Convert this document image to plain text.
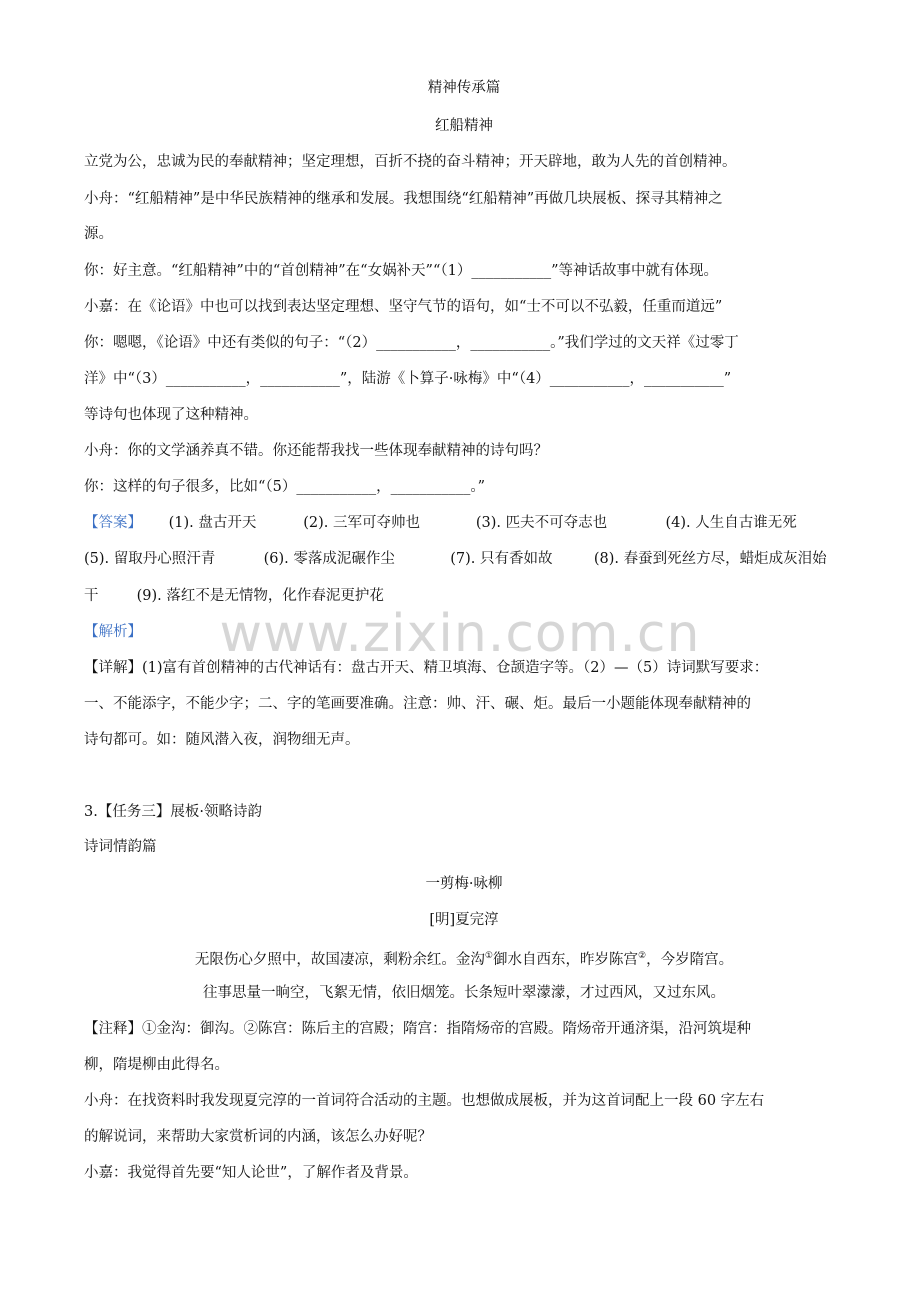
www.zixin.com.cn
精神传承篇
红船精神
立党为公，忠诚为民的奉献精神；坚定理想，百折不挠的奋斗精神；开天辟地，敢为人先的首创精神。
小舟：“红船精神”是中华民族精神的继承和发展。我想围绕“红船精神”再做几块展板、探寻其精神之
源。
你：好主意。“红船精神”中的“首创精神”在“女娲补天”“（1）___________”等神话故事中就有体现。
小嘉：在《论语》中也可以找到表达坚定理想、坚守气节的语句，如“士不可以不弘毅，任重而道远”
你：嗯嗯，《论语》中还有类似的句子：“（2）___________，___________。”我们学过的文天祥《过零丁
洋》中“（3）___________，___________”，陆游《卜算子·咏梅》中“（4）___________，___________”
等诗句也体现了这种精神。
小舟：你的文学涵养真不错。你还能帮我找一些体现奉献精神的诗句吗？
你：这样的句子很多，比如“（5）___________，___________。”
【答案】 (1). 盘古开天	(2). 三军可夺帅也	(3). 匹夫不可夺志也	(4). 人生自古谁无死
(5). 留取丹心照汗青	(6). 零落成泥碾作尘	(7). 只有香如故	(8). 春蚕到死丝方尽，蜡炬成灰泪始
干	(9). 落红不是无情物，化作春泥更护花
【解析】
【详解】(1)富有首创精神的古代神话有：盘古开天、精卫填海、仓颉造字等。（2）—（5）诗词默写要求：
一、不能添字，不能少字；二、字的笔画要准确。注意：帅、汗、碾、炬。最后一小题能体现奉献精神的
诗句都可。如：随风潜入夜，润物细无声。
3.【任务三】展板·领略诗韵
诗词情韵篇
一剪梅·咏柳
[明]夏完淳
无限伤心夕照中，故国凄凉，剩粉余红。金沟①御水自西东，昨岁陈宫②，今岁隋宫。
往事思量一晌空，飞絮无情，依旧烟笼。长条短叶翠濛濛，才过西风，又过东风。
【注释】①金沟：御沟。②陈宫：陈后主的宫殿；隋宫：指隋炀帝的宫殿。隋炀帝开通济渠，沿河筑堤种
柳，隋堤柳由此得名。
小舟：在找资料时我发现夏完淳的一首词符合活动的主题。也想做成展板，并为这首词配上一段 60 字左右
的解说词，来帮助大家赏析词的内涵，该怎么办好呢？
小嘉：我觉得首先要“知人论世”，了解作者及背景。
